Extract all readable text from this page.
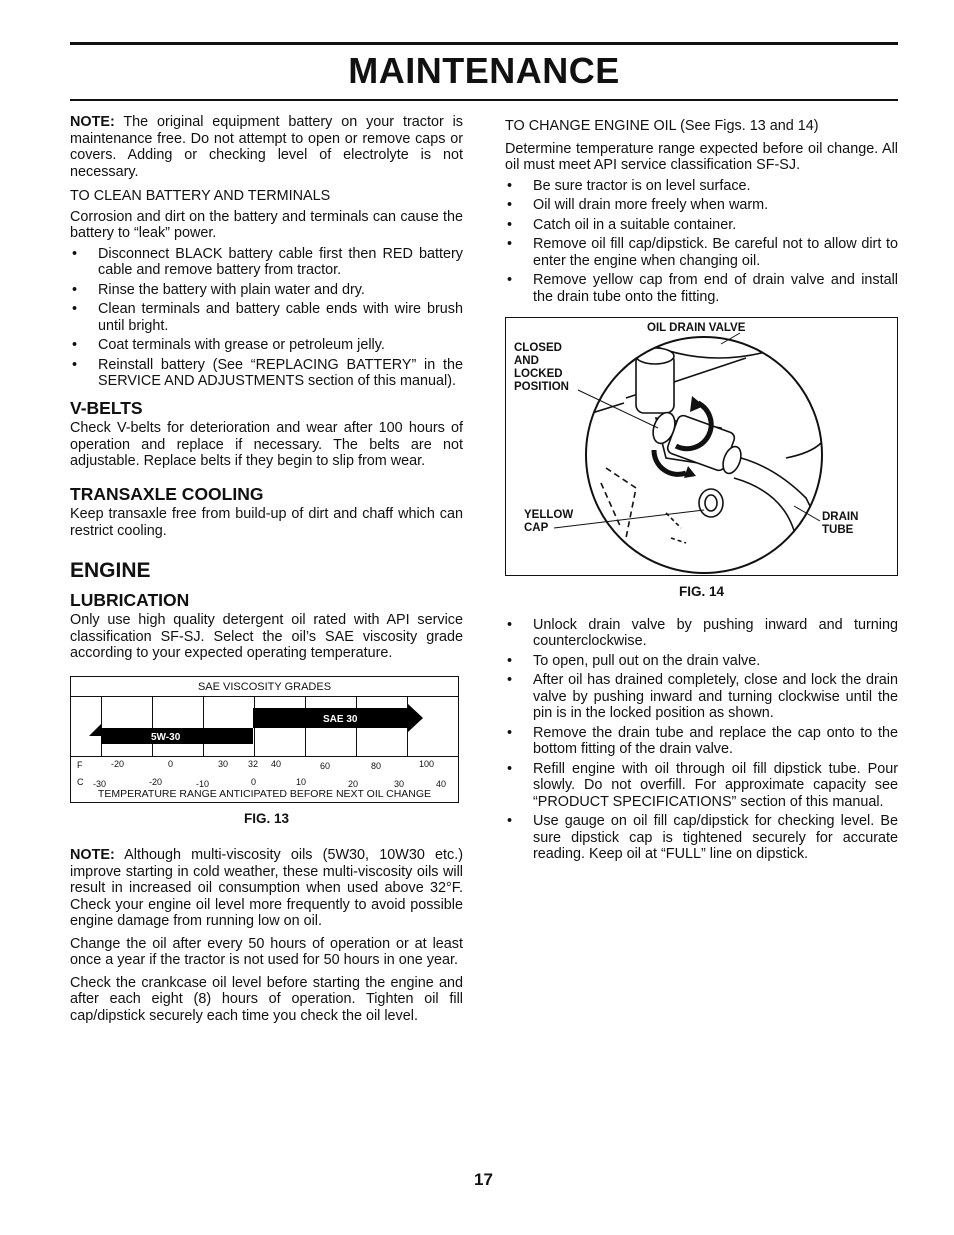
MAINTENANCE

NOTE: The original equipment battery on your tractor is maintenance free. Do not attempt to open or remove caps or covers. Adding or checking level of electrolyte is not necessary.

TO CLEAN BATTERY AND TERMINALS

Corrosion and dirt on the battery and terminals can cause the battery to “leak” power.

• Disconnect BLACK battery cable first then RED battery cable and remove battery from tractor.
• Rinse the battery with plain water and dry.
• Clean terminals and battery cable ends with wire brush until bright.
• Coat terminals with grease or petroleum jelly.
• Reinstall battery (See “REPLACING BATTERY” in the SERVICE AND ADJUSTMENTS section of this manual).
V-BELTS

Check V-belts for deterioration and wear after 100 hours of operation and replace if necessary. The belts are not adjustable. Replace belts if they begin to slip from wear.

TRANSAXLE COOLING

Keep transaxle free from build-up of dirt and chaff which can restrict cooling.

ENGINE
LUBRICATION

Only use high quality detergent oil rated with API service classification SF-SJ. Select the oil’s SAE viscosity grade according to your expected operating temperature.

SAE VISCOSITY GRADES
5W-30
SAE 30
F	-20	0	30 32 40	60	80	100
C -30	-20	-10	0	10	20	30	40
TEMPERATURE RANGE ANTICIPATED BEFORE NEXT OIL CHANGE
FIG. 13

NOTE: Although multi-viscosity oils (5W30, 10W30 etc.) improve starting in cold weather, these multi-viscosity oils will result in increased oil consumption when used above 32°F. Check your engine oil level more frequently to avoid possible engine damage from running low on oil.

Change the oil after every 50 hours of operation or at least once a year if the tractor is not used for 50 hours in one year.

Check the crankcase oil level before starting the engine and after each eight (8) hours of operation. Tighten oil fill cap/dipstick securely each time you check the oil level.

TO CHANGE ENGINE OIL (See Figs. 13 and 14)

Determine temperature range expected before oil change. All oil must meet API service classification SF-SJ.

• Be sure tractor is on level surface.
• Oil will drain more freely when warm.
• Catch oil in a suitable container.
• Remove oil fill cap/dipstick. Be careful not to allow dirt to enter the engine when changing oil.
• Remove yellow cap from end of drain valve and install the drain tube onto the fitting.
OIL DRAIN VALVE
CLOSED
AND
LOCKED
POSITION
YELLOW
CAP
DRAIN
TUBE
FIG. 14
• Unlock drain valve by pushing inward and turning counterclockwise.
• To open, pull out on the drain valve.
• After oil has drained completely, close and lock the drain valve by pushing inward and turning clockwise until the pin is in the locked position as shown.
• Remove the drain tube and replace the cap onto to the bottom fitting of the drain valve.
• Refill engine with oil through oil fill dipstick tube. Pour slowly. Do not overfill. For approximate capacity see “PRODUCT SPECIFICATIONS” section of this manual.
• Use gauge on oil fill cap/dipstick for checking level. Be sure dipstick cap is tightened securely for accurate reading. Keep oil at “FULL” line on dipstick.
17
